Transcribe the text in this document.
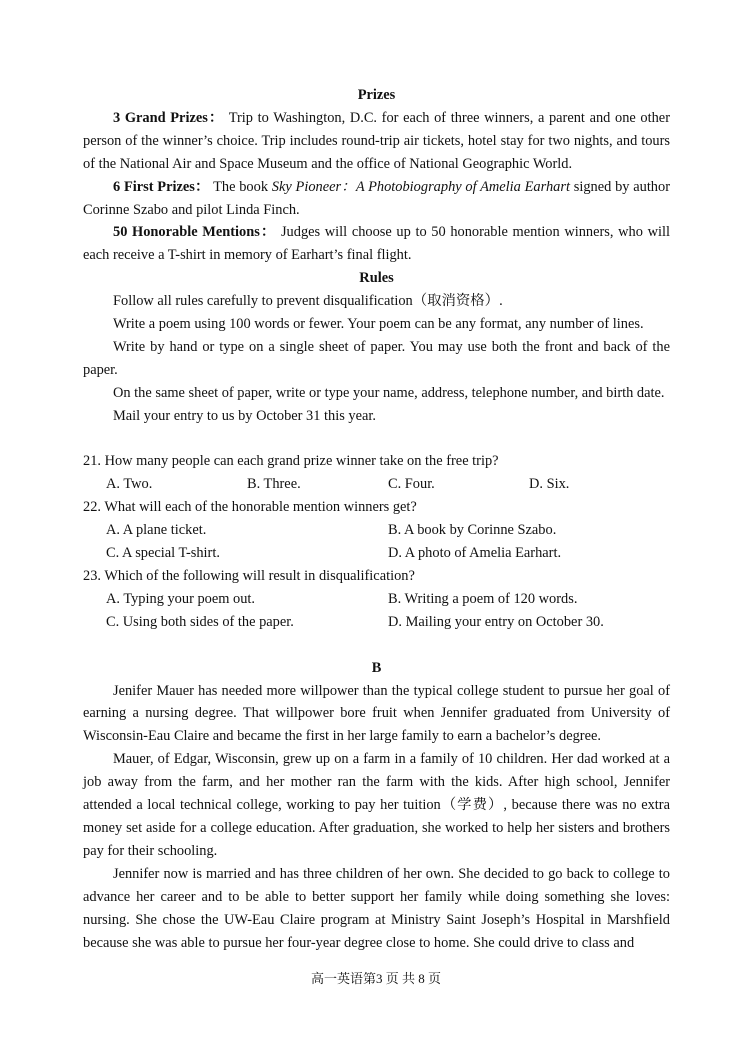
Prizes

3 Grand Prizes： Trip to Washington, D.C. for each of three winners, a parent and one other person of the winner’s choice. Trip includes round-trip air tickets, hotel stay for two nights, and tours of the National Air and Space Museum and the office of National Geographic World.

6 First Prizes： The book Sky Pioneer：A Photobiography of Amelia Earhart signed by author Corinne Szabo and pilot Linda Finch.

50 Honorable Mentions： Judges will choose up to 50 honorable mention winners, who will each receive a T-shirt in memory of Earhart’s final flight.

Rules

Follow all rules carefully to prevent disqualification（取消资格）.

Write a poem using 100 words or fewer. Your poem can be any format, any number of lines.

Write by hand or type on a single sheet of paper. You may use both the front and back of the paper.

On the same sheet of paper, write or type your name, address, telephone number, and birth date.

Mail your entry to us by October 31 this year.

21. How many people can each grand prize winner take on the free trip?

A. Two.	B. Three.	C. Four.	D. Six.

22. What will each of the honorable mention winners get?

A. A plane ticket.	B. A book by Corinne Szabo.
C. A special T-shirt.	D. A photo of Amelia Earhart.

23. Which of the following will result in disqualification?

A. Typing your poem out.	B. Writing a poem of 120 words.
C. Using both sides of the paper.	D. Mailing your entry on October 30.

B

Jenifer Mauer has needed more willpower than the typical college student to pursue her goal of earning a nursing degree. That willpower bore fruit when Jennifer graduated from University of Wisconsin-Eau Claire and became the first in her large family to earn a bachelor’s degree.

Mauer, of Edgar, Wisconsin, grew up on a farm in a family of 10 children. Her dad worked at a job away from the farm, and her mother ran the farm with the kids. After high school, Jennifer attended a local technical college, working to pay her tuition（学费）, because there was no extra money set aside for a college education. After graduation, she worked to help her sisters and brothers pay for their schooling.

Jennifer now is married and has three children of her own. She decided to go back to college to advance her career and to be able to better support her family while doing something she loves: nursing. She chose the UW-Eau Claire program at Ministry Saint Joseph’s Hospital in Marshfield because she was able to pursue her four-year degree close to home. She could drive to class and

高一英语第3 页 共 8 页
